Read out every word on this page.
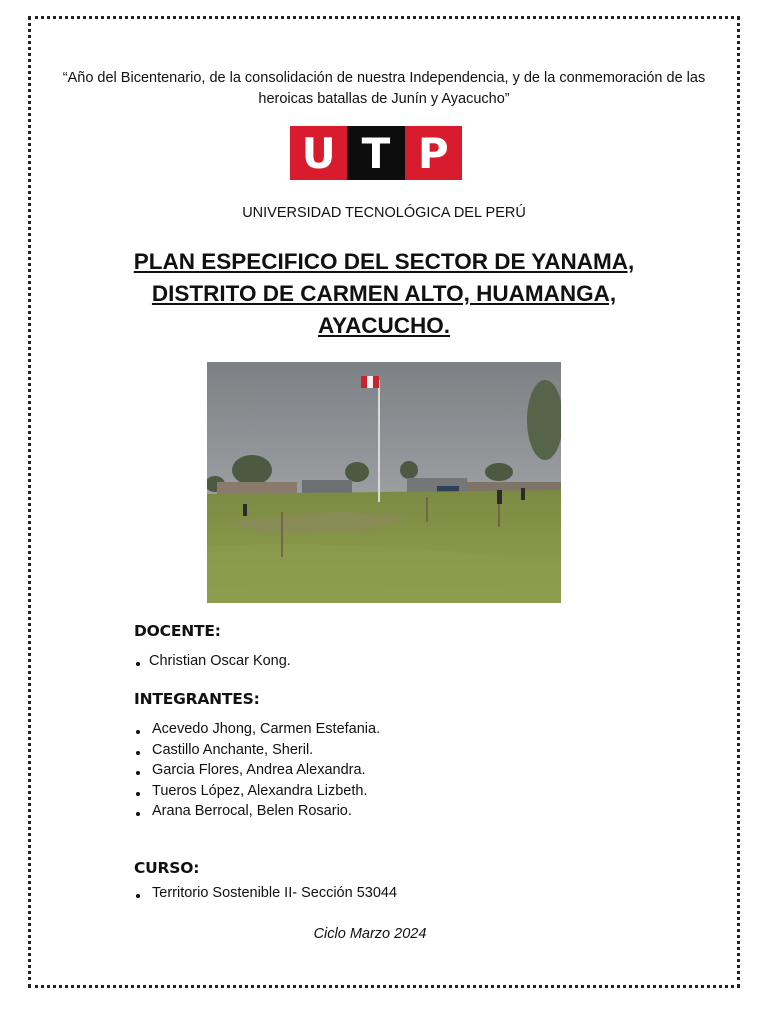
“Año del Bicentenario, de la consolidación de nuestra Independencia, y de la conmemoración de las heroicas batallas de Junín y Ayacucho”
U T P
UNIVERSIDAD TECNOLÓGICA DEL PERÚ
PLAN ESPECIFICO DEL SECTOR DE YANAMA, DISTRITO DE CARMEN ALTO, HUAMANGA, AYACUCHO.
DOCENTE:
Christian Oscar Kong.
INTEGRANTES:
Acevedo Jhong, Carmen Estefania.
Castillo Anchante, Sheril.
Garcia Flores, Andrea Alexandra.
Tueros López, Alexandra Lizbeth.
Arana Berrocal, Belen Rosario.
CURSO:
Territorio Sostenible II- Sección 53044
Ciclo Marzo 2024
